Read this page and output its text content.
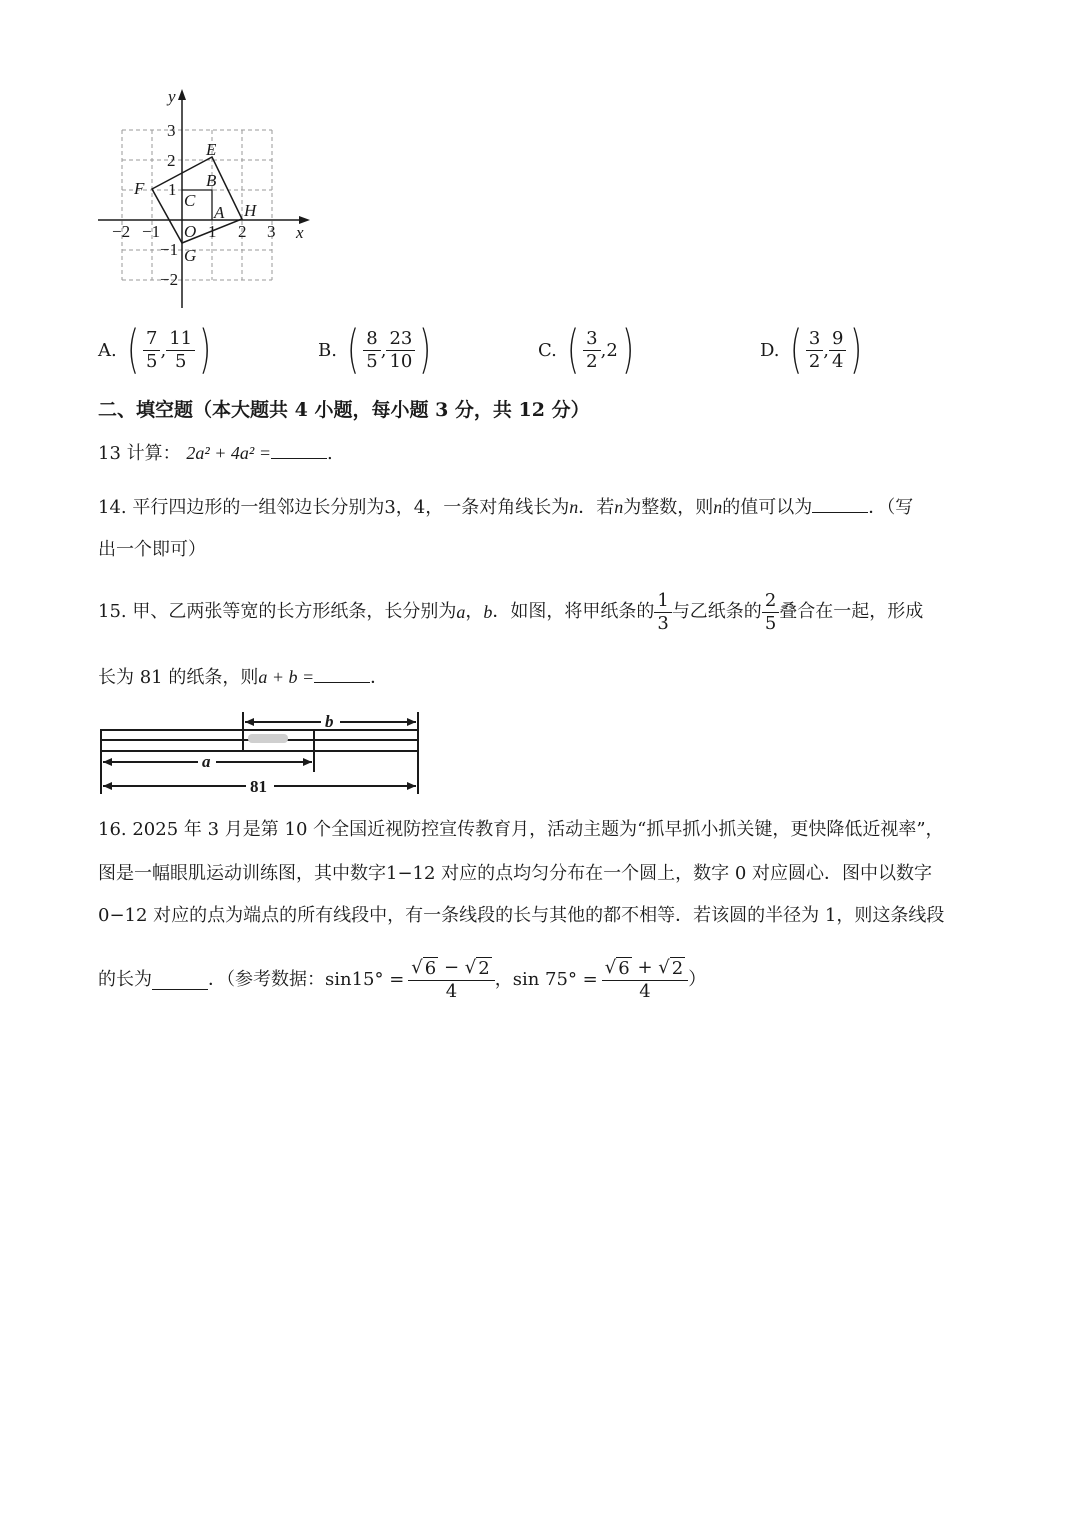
y
x
O
−2 −1	1 2 3
3
2
1
−1
−2
E
F	B
C
A H
G
A. ( $\frac{7}{5}$ , $\frac{11}{5}$ )	B. ( $\frac{8}{5}$ , $\frac{23}{10}$ )	C. ( $\frac{3}{2}$ , 2 )	D. ( $\frac{3}{2}$ , $\frac{9}{4}$ )
二、填空题（本大题共 4 小题，每小题 3 分，共 12 分）
13 计算： 2a² + 4a² =	.
14. 平行四边形的一组邻边长分别为3，4，一条对角线长为n．若n为整数，则n的值可以为	．（写
出一个即可）
15. 甲、乙两张等宽的长方形纸条，长分别为 a ， b ．如图，将甲纸条的 $\frac{1}{3}$ 与乙纸条的 $\frac{2}{5}$ 叠合在一起，形成
长为 81 的纸条，则a + b =	．
b
a
81
16. 2025 年 3 月是第 10 个全国近视防控宣传教育月，活动主题为“抓早抓小抓关键，更快降低近视率”，
图是一幅眼肌运动训练图，其中数字1−12 对应的点均匀分布在一个圆上，数字 0 对应圆心．图中以数字
0−12 对应的点为端点的所有线段中，有一条线段的长与其他的都不相等．若该圆的半径为 1，则这条线段
的长为	．（参考数据： $\sin 15^\circ = \frac{√ 6 - √ 2}{4}$ ， $\sin 75^\circ = \frac{√ 6 + √ 2}{4}$ ）
